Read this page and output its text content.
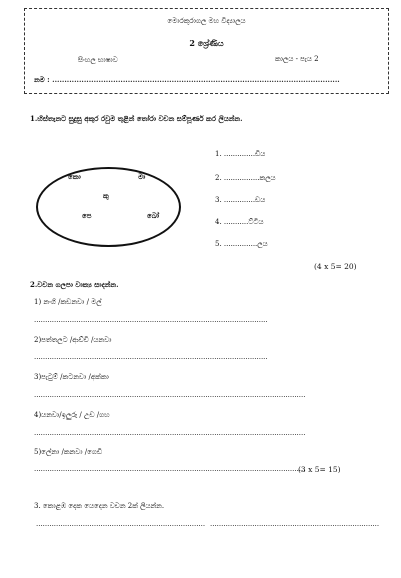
මොරකුරාගල මහ විද්‍යාලය
2 ශ්‍රේණිය
සිංහල භාෂාව	කාලය - පැය 2
නම : ......................................................................................................................
1.හිස්තැනට සුදුසු අකුර රවුම තුළින් තෝරා වචන සම්පූර්ණ කර ලියන්න.
කො	මා
කු
පෙ	බෝ
1. ..............ඩිය
2. ................කලය
3. ..............ඩය
4. ...........ට්ටිය
5. ...............ලය
(4 x 5= 20)
2.වචන ගලපා වාක්‍ය සාදන්න.
1) නංගි /කඩනවා / මල්
.........................................................................................................
2)පත්තලට /ආච්චි /යනවා
.........................................................................................................
3)පැටුම් /කටනවා /අක්කා
..........................................................................................................................
4)යනවා/ඉලුරු / උඩ /ගහ
..........................................................................................................................
5)ලේනා /කනවා /ගෙඩි
..........................................................................................................................
(3 x 5= 15)
3. කොළඹ දෙක යෙදෙන වචන 2ක් ලියන්න.
............................................................................ ............................................................................
